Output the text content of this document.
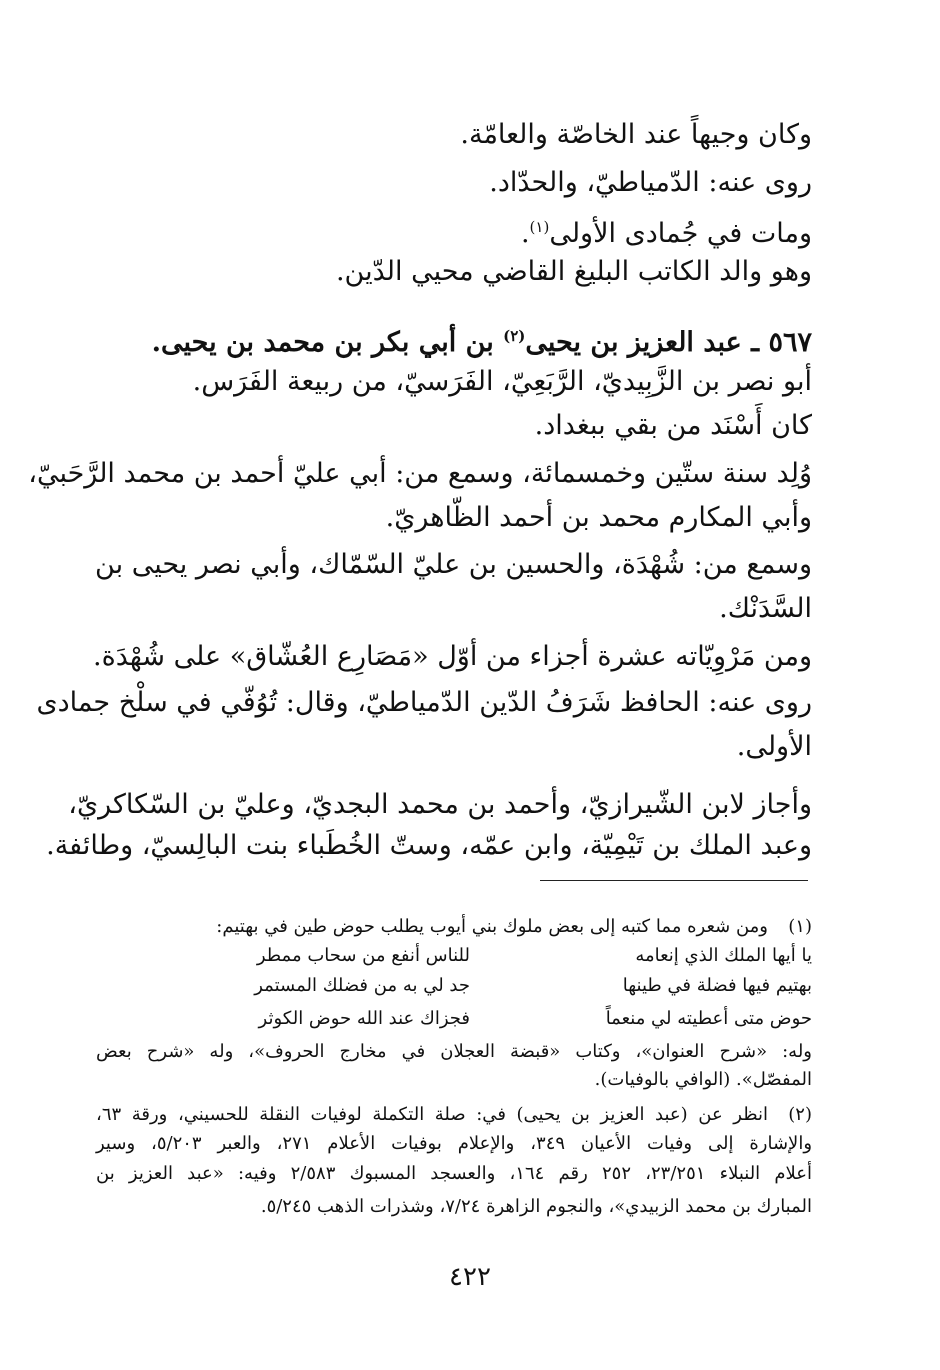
وكان وجيهاً عند الخاصّة والعامّة.
روى عنه: الدّمياطيّ، والحدّاد.
ومات في جُمادى الأولى$^{(١)}$.
وهو والد الكاتب البليغ القاضي محيي الدّين.
٥٦٧ ـ عبد العزيز بن يحيى$^{(٢)}$ بن أبي بكر بن محمد بن يحيى.
أبو نصر بن الزَّبِيديّ، الرَّبَعِيّ، الفَرَسيّ، من ربيعة الفَرَس.
كان أَسْنَد من بقي ببغداد.
وُلِد سنة ستّين وخمسمائة، وسمع من: أبي عليّ أحمد بن محمد الرَّحَبيّ،
وأبي المكارم محمد بن أحمد الظّاهريّ.
وسمع من: شُهْدَة، والحسين بن عليّ السّمّاك، وأبي نصر يحيى بن
السَّدَنْك.
ومن مَرْوِيّاته عشرة أجزاء من أوّل «مَصَارِع العُشّاق» على شُهْدَة.
روى عنه: الحافظ شَرَفُ الدّين الدّمياطيّ، وقال: تُوُفّي في سلْخ جمادى
الأولى.
وأجاز لابن الشّيرازيّ، وأحمد بن محمد البجديّ، وعليّ بن السّكاكريّ،
وعبد الملك بن تَيْمِيّة، وابن عمّه، وستّ الخُطَباء بنت البالِسيّ، وطائفة.
(١)ومن شعره مما كتبه إلى بعض ملوك بني أيوب يطلب حوض طين في بهتيم:
يا أيها الملك الذي إنعامه
للناس أنفع من سحاب ممطر
بهتيم فيها فضلة في طينها
جد لي به من فضلك المستمر
حوض متى أعطيته لي منعماً
فجزاك عند الله حوض الكوثر
وله: «شرح العنوان»، وكتاب «قبضة العجلان في مخارج الحروف»، وله «شرح بعض
المفصّل». (الوافي بالوفيات).
(٢)انظر عن (عبد العزيز بن يحيى) في: صلة التكملة لوفيات النقلة للحسيني، ورقة ٦٣،
والإشارة إلى وفيات الأعيان ٣٤٩، والإعلام بوفيات الأعلام ٢٧١، والعبر ٥/٢٠٣، وسير
أعلام النبلاء ٢٣/٢٥١، ٢٥٢ رقم ١٦٤، والعسجد المسبوك ٢/٥٨٣ وفيه: «عبد العزيز بن
المبارك بن محمد الزبيدي»، والنجوم الزاهرة ٧/٢٤، وشذرات الذهب ٥/٢٤٥.
٤٢٢
